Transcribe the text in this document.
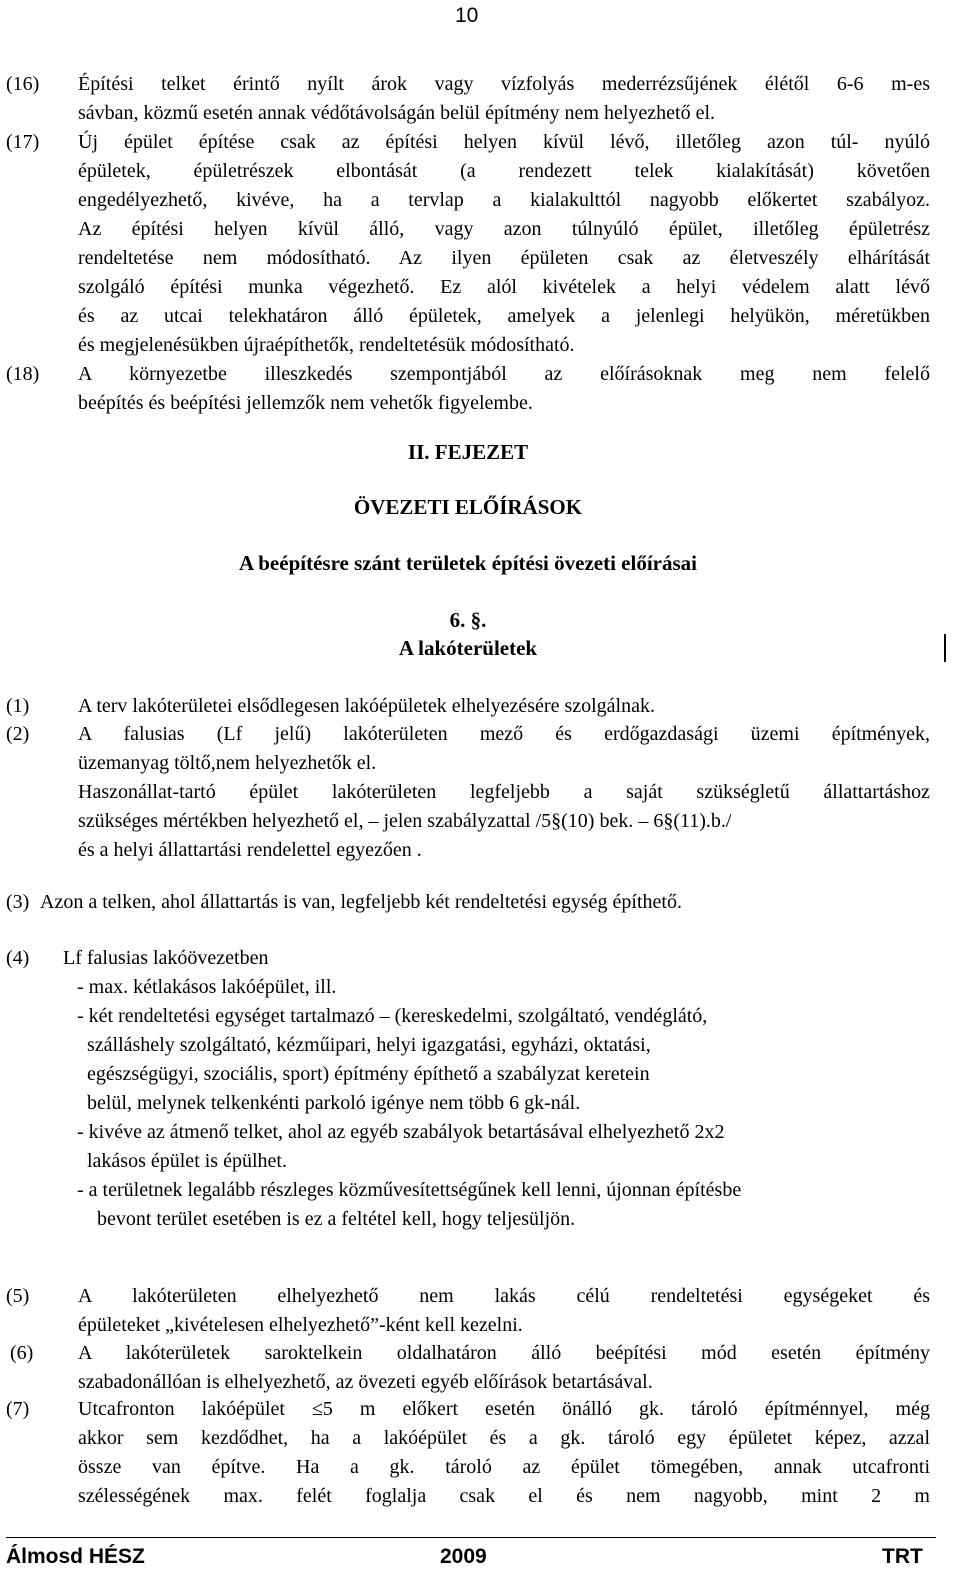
10
(16) Építési telket érintő nyílt árok vagy vízfolyás mederrézsűjének élétől 6-6 m-es
sávban, közmű esetén annak védőtávolságán belül építmény nem helyezhető el.
(17) Új épület építése csak az építési helyen kívül lévő, illetőleg azon túl- nyúló
épületek, épületrészek elbontását (a rendezett telek kialakítását) követően
engedélyezhető, kivéve, ha a tervlap a kialakulttól nagyobb előkertet szabályoz.
Az építési helyen kívül álló, vagy azon túlnyúló épület, illetőleg épületrész
rendeltetése nem módosítható. Az ilyen épületen csak az életveszély elhárítását
szolgáló építési munka végezhető. Ez alól kivételek a helyi védelem alatt lévő
és az utcai telekhatáron álló épületek, amelyek a jelenlegi helyükön, méretükben
és megjelenésükben újraépíthetők, rendeltetésük módosítható.
(18) A környezetbe illeszkedés szempontjából az előírásoknak meg nem felelő
beépítés és beépítési jellemzők nem vehetők figyelembe.
II. FEJEZET
ÖVEZETI ELŐÍRÁSOK
A beépítésre szánt területek építési övezeti előírásai
6. §.
A lakóterületek
(1) A terv lakóterületei elsődlegesen lakóépületek elhelyezésére szolgálnak.
(2) A falusias (Lf jelű) lakóterületen mező és erdőgazdasági üzemi építmények,
üzemanyag töltő,nem helyezhetők el.
Haszonállat-tartó épület lakóterületen legfeljebb a saját szükségletű állattartáshoz
szükséges mértékben helyezhető el, – jelen szabályzattal /5§(10) bek. – 6§(11).b./
és a helyi állattartási rendelettel egyezően .
(3) Azon a telken, ahol állattartás is van, legfeljebb két rendeltetési egység építhető.
(4) Lf falusias lakóövezetben
- max. kétlakásos lakóépület, ill.
- két rendeltetési egységet tartalmazó – (kereskedelmi, szolgáltató, vendéglátó,
szálláshely szolgáltató, kézműipari, helyi igazgatási, egyházi, oktatási,
egészségügyi, szociális, sport) építmény építhető a szabályzat keretein
belül, melynek telkenkénti parkoló igénye nem több 6 gk-nál.
- kivéve az átmenő telket, ahol az egyéb szabályok betartásával elhelyezhető 2x2
lakásos épület is épülhet.
- a területnek legalább részleges közművesítettségűnek kell lenni, újonnan építésbe
bevont terület esetében is ez a feltétel kell, hogy teljesüljön.
(5) A lakóterületen elhelyezhető nem lakás célú rendeltetési egységeket és
épületeket „kivételesen elhelyezhető”-ként kell kezelni.
(6) A lakóterületek saroktelkein oldalhatáron álló beépítési mód esetén építmény
szabadonállóan is elhelyezhető, az övezeti egyéb előírások betartásával.
(7) Utcafronton lakóépület ≤5 m előkert esetén önálló gk. tároló építménnyel, még
akkor sem kezdődhet, ha a lakóépület és a gk. tároló egy épületet képez, azzal
össze van építve. Ha a gk. tároló az épület tömegében, annak utcafronti
szélességének max. felét foglalja csak el és nem nagyobb, mint 2 m
Álmosd HÉSZ	2009	TRT
